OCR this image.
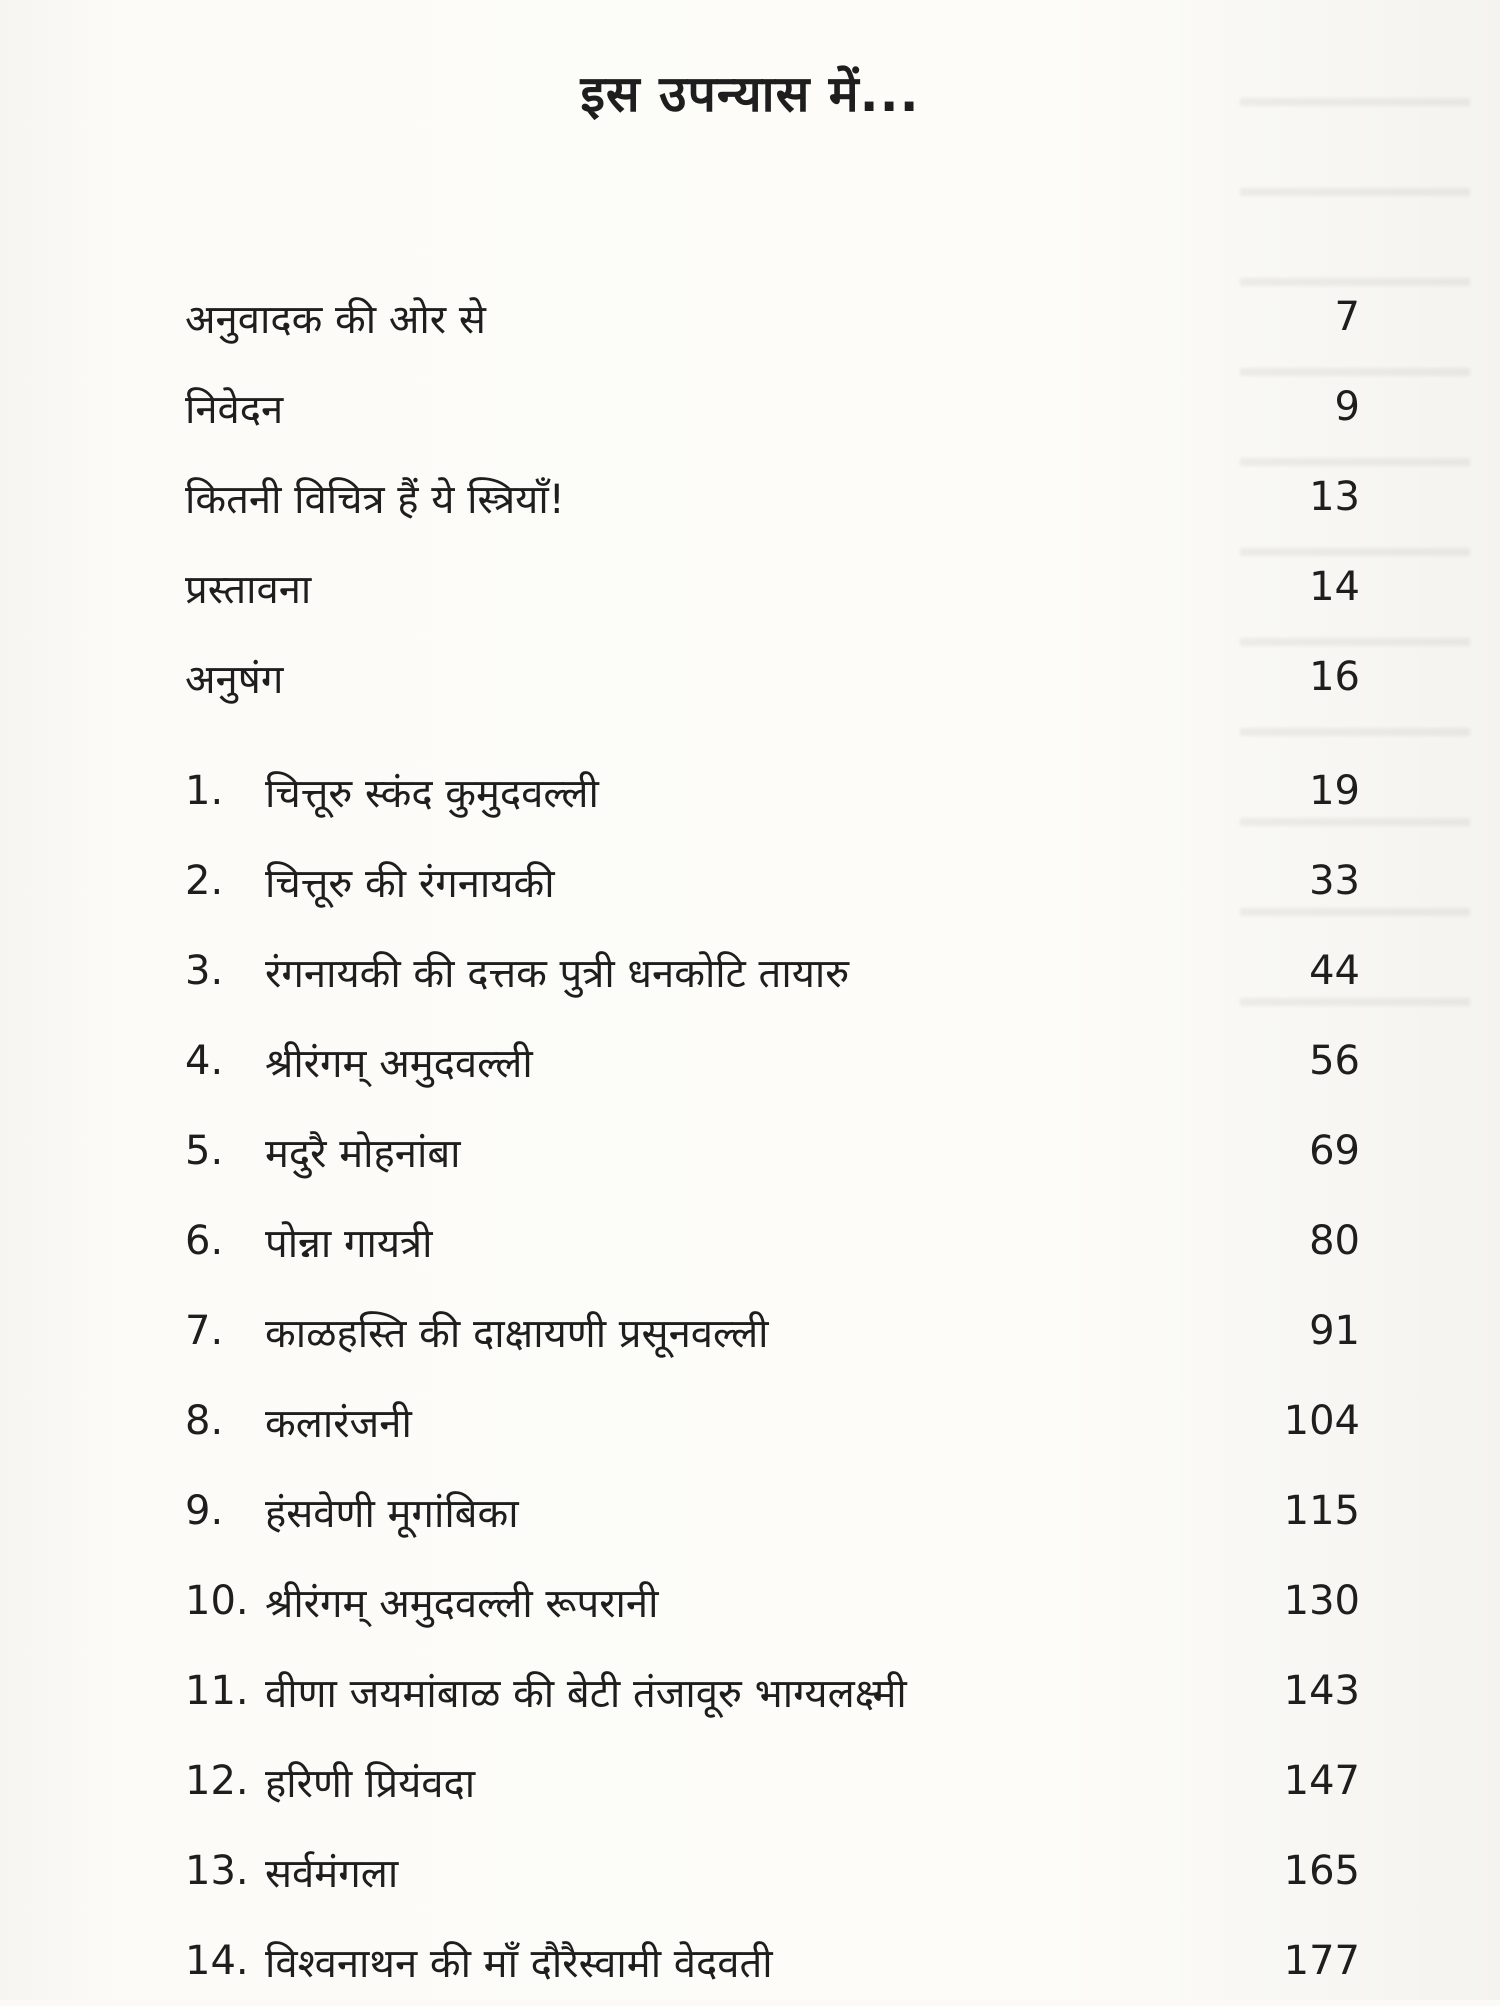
इस उपन्यास में...
अनुवादक की ओर से	7
निवेदन	9
कितनी विचित्र हैं ये स्त्रियाँ!	13
प्रस्तावना	14
अनुषंग	16
1.	चित्तूरु स्कंद कुमुदवल्ली	19
2.	चित्तूरु की रंगनायकी	33
3.	रंगनायकी की दत्तक पुत्री धनकोटि तायारु	44
4.	श्रीरंगम् अमुदवल्ली	56
5.	मदुरै मोहनांबा	69
6.	पोन्ना गायत्री	80
7.	काळहस्ति की दाक्षायणी प्रसूनवल्ली	91
8.	कलारंजनी	104
9.	हंसवेणी मूगांबिका	115
10. श्रीरंगम् अमुदवल्ली रूपरानी	130
11. वीणा जयमांबाळ की बेटी तंजावूरु भाग्यलक्ष्मी	143
12. हरिणी प्रियंवदा	147
13. सर्वमंगला	165
14. विश्वनाथन की माँ दौरैस्वामी वेदवती	177
